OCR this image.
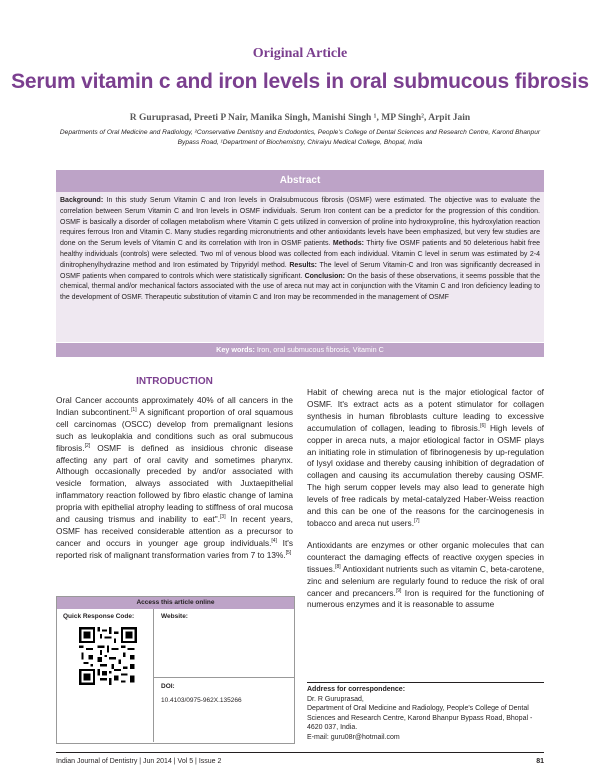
Original Article
Serum vitamin c and iron levels in oral submucous fibrosis
R Guruprasad, Preeti P Nair, Manika Singh, Manishi Singh ¹, MP Singh², Arpit Jain
Departments of Oral Medicine and Radiology, ²Conservative Dentistry and Endodontics, People's College of Dental Sciences and Research Centre, Karond Bhanpur Bypass Road, ¹Department of Biochemistry, Chiraiyu Medical College, Bhopal, India
Abstract
Background: In this study Serum Vitamin C and Iron levels in Oralsubmucous fibrosis (OSMF) were estimated. The objective was to evaluate the correlation between Serum Vitamin C and Iron levels in OSMF individuals. Serum Iron content can be a predictor for the progression of this condition. OSMF is basically a disorder of collagen metabolism where Vitamin C gets utilized in conversion of proline into hydroxyproline, this hydroxylation reaction requires ferrous Iron and Vitamin C. Many studies regarding micronutrients and other antioxidants levels have been emphasized, but very few studies are done on the Serum levels of Vitamin C and its correlation with Iron in OSMF patients. Methods: Thirty five OSMF patients and 50 deleterious habit free healthy individuals (controls) were selected. Two ml of venous blood was collected from each individual. Vitamin C level in serum was estimated by 2-4 dinitrophenylhydrazine method and Iron estimated by Tripyridyl method. Results: The level of Serum Vitamin-C and Iron was significantly decreased in OSMF patients when compared to controls which were statistically significant. Conclusion: On the basis of these observations, it seems possible that the chemical, thermal and/or mechanical factors associated with the use of areca nut may act in conjunction with the Vitamin C and Iron deficiency leading to the development of OSMF. Therapeutic substitution of vitamin C and Iron may be recommended in the management of OSMF
Key words: Iron, oral submucous fibrosis, Vitamin C
INTRODUCTION

Oral Cancer accounts approximately 40% of all cancers in the Indian subcontinent.[1] A significant proportion of oral squamous cell carcinomas (OSCC) develop from premalignant lesions such as leukoplakia and conditions such as oral submucous fibrosis.[2] OSMF is defined as insidious chronic disease affecting any part of oral cavity and sometimes pharynx. Although occasionally preceded by and/or associated with vesicle formation, always associated with Juxtaepithelial inflammatory reaction followed by fibro elastic change of lamina propria with epithelial atrophy leading to stiffness of oral mucosa and causing trismus and inability to eat".[3] In recent years, OSMF has received considerable attention as a precursor to cancer and occurs in younger age group individuals.[4] It's reported risk of malignant transformation varies from 7 to 13%.[5]

Habit of chewing areca nut is the major etiological factor of OSMF. It's extract acts as a potent stimulator for collagen synthesis in human fibroblasts culture leading to excessive accumulation of collagen, leading to fibrosis.[6] High levels of copper in areca nuts, a major etiological factor in OSMF plays an initiating role in stimulation of fibrinogenesis by up-regulation of lysyl oxidase and thereby causing inhibition of degradation of collagen and causing its accumulation thereby causing OSMF. The high serum copper levels may also lead to generate high levels of free radicals by metal-catalyzed Haber-Weiss reaction and this can be one of the reasons for the carcinogenesis in tobacco and areca nut users.[7]

Antioxidants are enzymes or other organic molecules that can counteract the damaging effects of reactive oxygen species in tissues.[8] Antioxidant nutrients such as vitamin C, beta-carotene, zinc and selenium are regularly found to reduce the risk of oral cancer and precancers.[9] Iron is required for the functioning of numerous enzymes and it is reasonable to assume

Access this article online
Quick Response Code:	Website:
DOI:
10.4103/0975-962X.135266
Address for correspondence:
Dr. R Guruprasad,
Department of Oral Medicine and Radiology, People's College of Dental Sciences and Research Centre, Karond Bhanpur Bypass Road, Bhopal - 4620 037, India.
E-mail: guru08r@hotmail.com
Indian Journal of Dentistry | Jun 2014 | Vol 5 | Issue 2	81
